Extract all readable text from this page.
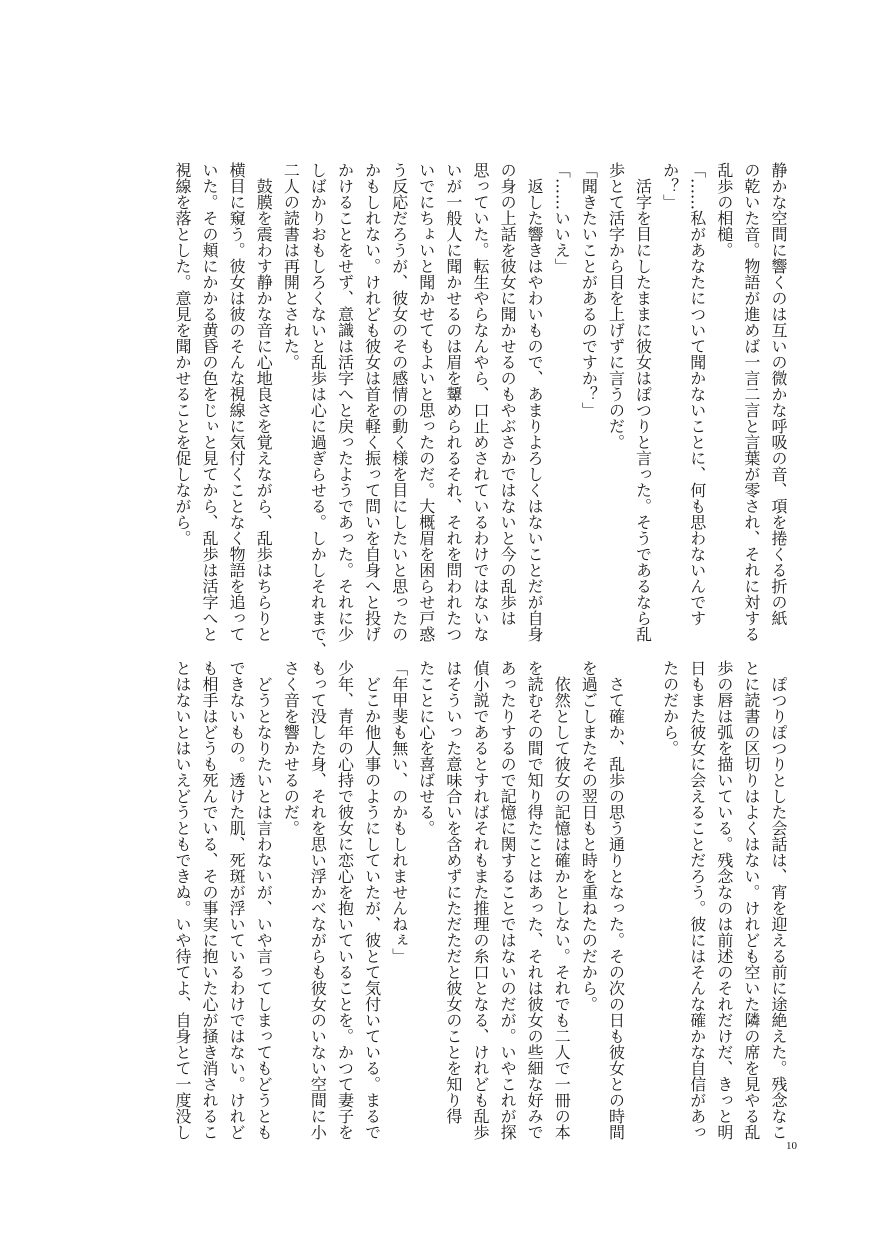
静かな空間に響くのは互いの微かな呼吸の音、項を捲くる折の紙
の乾いた音。物語が進めば一言二言と言葉が零され、それに対する
乱歩の相槌。
「……私があなたについて聞かないことに、何も思わないんです
か？」
　活字を目にしたままに彼女はぽつりと言った。そうであるなら乱
歩とて活字から目を上げずに言うのだ。
「聞きたいことがあるのですか？」
「……いいえ」
　返した響きはやわいもので、あまりよろしくはないことだが自身
の身の上話を彼女に聞かせるのもやぶさかではないと今の乱歩は
思っていた。転生やらなんやら、口止めされているわけではないな
いが一般人に聞かせるのは眉を顰められるそれ、それを問われたつ
いでにちょいと聞かせてもよいと思ったのだ。大概眉を困らせ戸惑
う反応だろうが、彼女のその感情の動く様を目にしたいと思ったの
かもしれない。けれども彼女は首を軽く振って問いを自身へと投げ
かけることをせず、意識は活字へと戻ったようであった。それに少
しばかりおもしろくないと乱歩は心に過ぎらせる。しかしそれまで、
二人の読書は再開とされた。
　鼓膜を震わす静かな音に心地良さを覚えながら、乱歩はちらりと
横目に窺う。彼女は彼のそんな視線に気付くことなく物語を追って
いた。その頬にかかる黄昏の色をじぃと見てから、乱歩は活字へと
視線を落とした。意見を聞かせることを促しながら。
　ぽつりぽつりとした会話は、宵を迎える前に途絶えた。残念なこ
とに読書の区切りはよくはない。けれども空いた隣の席を見やる乱
歩の唇は弧を描いている。残念なのは前述のそれだけだ、きっと明
日もまた彼女に会えることだろう。彼にはそんな確かな自信があっ
たのだから。

　さて確か、乱歩の思う通りとなった。その次の日も彼女との時間
を過ごしまたその翌日もと時を重ねたのだから。
　依然として彼女の記憶は確かとしない。それでも二人で一冊の本
を読むその間で知り得たことはあった、それは彼女の些細な好みで
あったりするので記憶に関することではないのだが。いやこれが探
偵小説であるとすればそれもまた推理の糸口となる、けれども乱歩
はそういった意味合いを含めずにただただと彼女のことを知り得
たことに心を喜ばせる。
「年甲斐も無い、のかもしれませんねぇ」
　どこか他人事のようにしていたが、彼とて気付いている。まるで
少年、青年の心持で彼女に恋心を抱いていることを。かつて妻子を
もって没した身、それを思い浮かべながらも彼女のいない空間に小
さく音を響かせるのだ。
　どうとなりたいとは言わないが、いや言ってしまってもどうとも
できないもの。透けた肌、死斑が浮いているわけではない。けれど
も相手はどうも死んでいる、その事実に抱いた心が掻き消されるこ
とはないとはいえどうともできぬ。いや待てよ、自身とて一度没し
10
